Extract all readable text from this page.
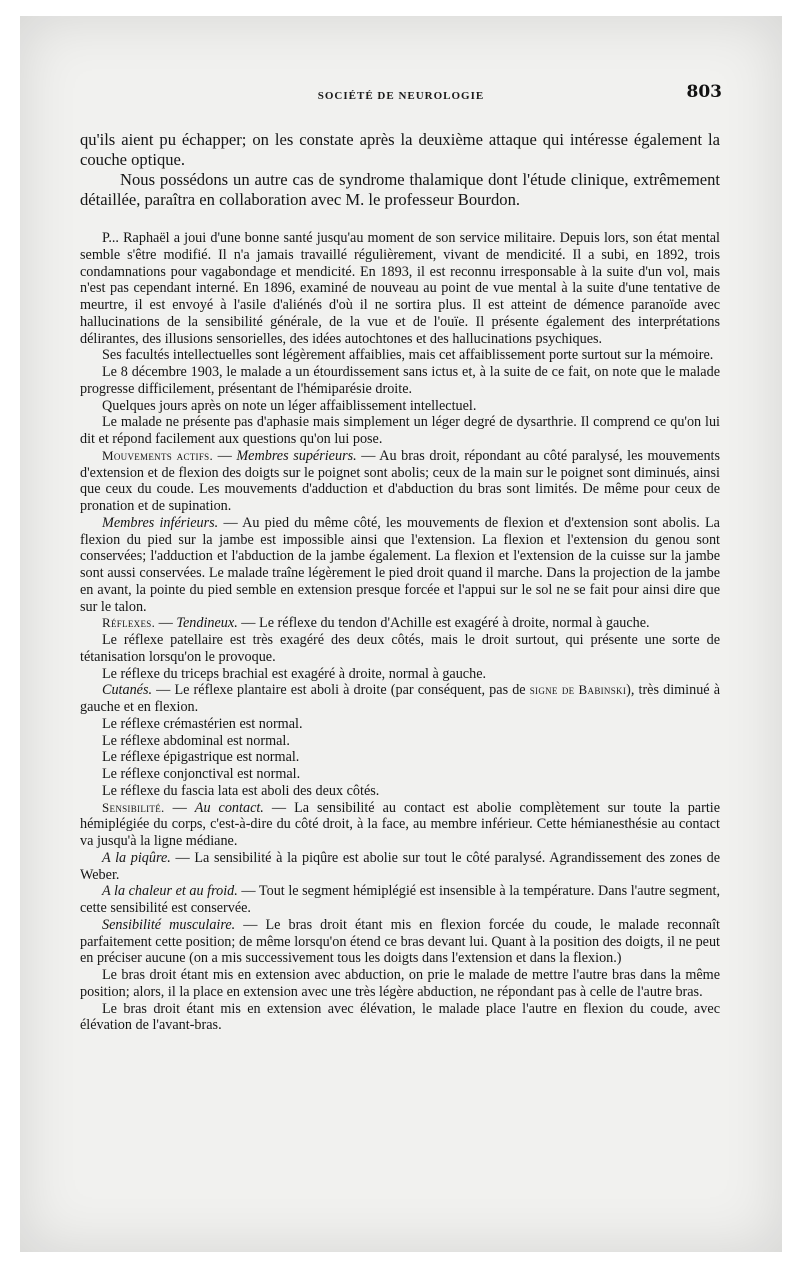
SOCIÉTÉ DE NEUROLOGIE	803

qu'ils aient pu échapper; on les constate après la deuxième attaque qui intéresse également la couche optique.

Nous possédons un autre cas de syndrome thalamique dont l'étude clinique, extrêmement détaillée, paraîtra en collaboration avec M. le professeur Bourdon.

P... Raphaël a joui d'une bonne santé jusqu'au moment de son service militaire. Depuis lors, son état mental semble s'être modifié. Il n'a jamais travaillé régulièrement, vivant de mendicité. Il a subi, en 1892, trois condamnations pour vagabondage et mendicité. En 1893, il est reconnu irresponsable à la suite d'un vol, mais n'est pas cependant interné. En 1896, examiné de nouveau au point de vue mental à la suite d'une tentative de meurtre, il est envoyé à l'asile d'aliénés d'où il ne sortira plus. Il est atteint de démence paranoïde avec hallucinations de la sensibilité générale, de la vue et de l'ouïe. Il présente également des interprétations délirantes, des illusions sensorielles, des idées autochtones et des hallucinations psychiques.

Ses facultés intellectuelles sont légèrement affaiblies, mais cet affaiblissement porte surtout sur la mémoire.

Le 8 décembre 1903, le malade a un étourdissement sans ictus et, à la suite de ce fait, on note que le malade progresse difficilement, présentant de l'hémiparésie droite.

Quelques jours après on note un léger affaiblissement intellectuel.

Le malade ne présente pas d'aphasie mais simplement un léger degré de dysarthrie. Il comprend ce qu'on lui dit et répond facilement aux questions qu'on lui pose.

Mouvements actifs. — Membres supérieurs. — Au bras droit, répondant au côté paralysé, les mouvements d'extension et de flexion des doigts sur le poignet sont abolis; ceux de la main sur le poignet sont diminués, ainsi que ceux du coude. Les mouvements d'adduction et d'abduction du bras sont limités. De même pour ceux de pronation et de supination.

Membres inférieurs. — Au pied du même côté, les mouvements de flexion et d'extension sont abolis. La flexion du pied sur la jambe est impossible ainsi que l'extension. La flexion et l'extension du genou sont conservées; l'adduction et l'abduction de la jambe également. La flexion et l'extension de la cuisse sur la jambe sont aussi conservées. Le malade traîne légèrement le pied droit quand il marche. Dans la projection de la jambe en avant, la pointe du pied semble en extension presque forcée et l'appui sur le sol ne se fait pour ainsi dire que sur le talon.

Réflexes. — Tendineux. — Le réflexe du tendon d'Achille est exagéré à droite, normal à gauche.

Le réflexe patellaire est très exagéré des deux côtés, mais le droit surtout, qui présente une sorte de tétanisation lorsqu'on le provoque.

Le réflexe du triceps brachial est exagéré à droite, normal à gauche.

Cutanés. — Le réflexe plantaire est aboli à droite (par conséquent, pas de signe de Babinski), très diminué à gauche et en flexion.

Le réflexe crémastérien est normal.

Le réflexe abdominal est normal.

Le réflexe épigastrique est normal.

Le réflexe conjonctival est normal.

Le réflexe du fascia lata est aboli des deux côtés.

Sensibilité. — Au contact. — La sensibilité au contact est abolie complètement sur toute la partie hémiplégiée du corps, c'est-à-dire du côté droit, à la face, au membre inférieur. Cette hémianesthésie au contact va jusqu'à la ligne médiane.

A la piqûre. — La sensibilité à la piqûre est abolie sur tout le côté paralysé. Agrandissement des zones de Weber.

A la chaleur et au froid. — Tout le segment hémiplégié est insensible à la température. Dans l'autre segment, cette sensibilité est conservée.

Sensibilité musculaire. — Le bras droit étant mis en flexion forcée du coude, le malade reconnaît parfaitement cette position; de même lorsqu'on étend ce bras devant lui. Quant à la position des doigts, il ne peut en préciser aucune (on a mis successivement tous les doigts dans l'extension et dans la flexion.)

Le bras droit étant mis en extension avec abduction, on prie le malade de mettre l'autre bras dans la même position; alors, il la place en extension avec une très légère abduction, ne répondant pas à celle de l'autre bras.

Le bras droit étant mis en extension avec élévation, le malade place l'autre en flexion du coude, avec élévation de l'avant-bras.
